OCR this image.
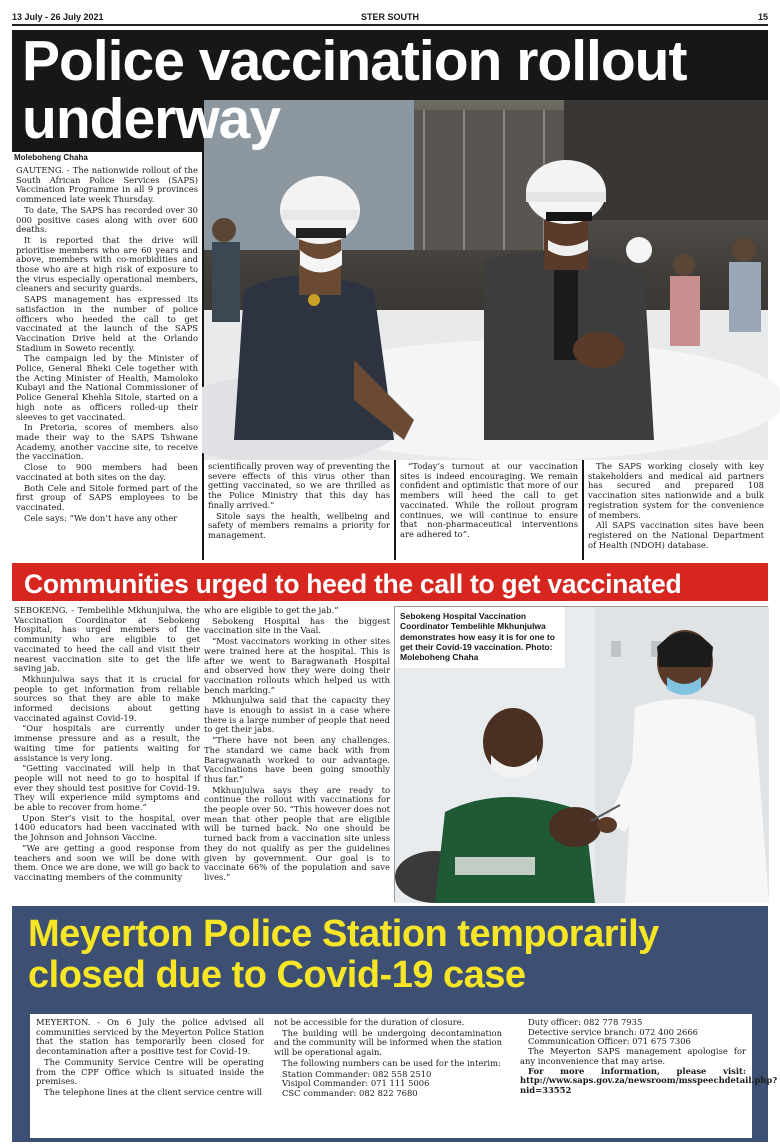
13 July - 26 July 2021	STER SOUTH	15
Police vaccination rollout underway
Moleboheng Chaha

GAUTENG. - The nationwide rollout of the South African Police Services (SAPS) Vaccination Programme in all 9 provinces commenced late week Thursday.

To date, The SAPS has recorded over 30 000 positive cases along with over 600 deaths.

It is reported that the drive will prioritise members who are 60 years and above, members with co-morbidities and those who are at high risk of exposure to the virus especially operational members, cleaners and security guards.

SAPS management has expressed its satisfaction in the number of police officers who heeded the call to get vaccinated at the launch of the SAPS Vaccination Drive held at the Orlando Stadium in Soweto recently.

The campaign led by the Minister of Police, General Bheki Cele together with the Acting Minister of Health, Mamoloko Kubayi and the National Commissioner of Police General Khehla Sitole, started on a high note as officers rolled-up their sleeves to get vaccinated.

In Pretoria, scores of members also made their way to the SAPS Tshwane Academy, another vaccine site, to receive the vaccination.

Close to 900 members had been vaccinated at both sites on the day.

Both Cele and Sitole formed part of the first group of SAPS employees to be vaccinated.

Cele says: “We don’t have any other

scientifically proven way of preventing the severe effects of this virus other than getting vaccinated, so we are thrilled as the Police Ministry that this day has finally arrived.”

Sitole says the health, wellbeing and safety of members remains a priority for management.

“Today’s turnout at our vaccination sites is indeed encouraging. We remain confident and optimistic that more of our members will heed the call to get vaccinated. While the rollout program continues, we will continue to ensure that non-pharmaceutical interventions are adhered to”.

The SAPS working closely with key stakeholders and medical aid partners has secured and prepared 108 vaccination sites nationwide and a bulk registration system for the convenience of members.

All SAPS vaccination sites have been registered on the National Department of Health (NDOH) database.

Communities urged to heed the call to get vaccinated

SEBOKENG. - Tembelihle Mkhunjulwa, the Vaccination Coordinator at Sebokeng Hospital, has urged members of the community who are eligible to get vaccinated to heed the call and visit their nearest vaccination site to get the life saving jab.

Mkhunjulwa says that it is crucial for people to get information from reliable sources so that they are able to make informed decisions about getting vaccinated against Covid-19.

“Our hospitals are currently under immense pressure and as a result, the waiting time for patients waiting for assistance is very long.

“Getting vaccinated will help in that people will not need to go to hospital if ever they should test positive for Covid-19. They will experience mild symptoms and be able to recover from home.”

Upon Ster’s visit to the hospital, over 1400 educators had been vaccinated with the Johnson and Johnson Vaccine.

“We are getting a good response from teachers and soon we will be done with them. Once we are done, we will go back to vaccinating members of the community

who are eligible to get the jab.”

Sebokeng Hospital has the biggest vaccination site in the Vaal.

“Most vaccinators working in other sites were trained here at the hospital. This is after we went to Baragwanath Hospital and observed how they were doing their vaccination rollouts which helped us with bench marking.”

Mkhunjulwa said that the capacity they have is enough to assist in a case where there is a large number of people that need to get their jabs.

“There have not been any challenges. The standard we came back with from Baragwanath worked to our advantage. Vaccinations have been going smoothly thus far.”

Mkhunjulwa says they are ready to continue the rollout with vaccinations for the people over 50. “This however does not mean that other people that are eligible will be turned back. No one should be turned back from a vaccination site unless they do not qualify as per the guidelines given by government. Our goal is to vaccinate 66% of the population and save lives.”

Sebokeng Hospital Vaccination Coordinator Tembelihle Mkhunjulwa demonstrates how easy it is for one to get their Covid-19 vaccination. Photo: Moleboheng Chaha
Meyerton Police Station temporarily closed due to Covid-19 case

MEYERTON. - On 6 July the police advised all communities serviced by the Meyerton Police Station that the station has temporarily been closed for decontamination after a positive test for Covid-19.

The Community Service Centre will be operating from the CPF Office which is situated inside the premises.

The telephone lines at the client service centre will

not be accessible for the duration of closure.

The building will be undergoing decontamination and the community will be informed when the station will be operational again.

The following numbers can be used for the interim:

Station Commander: 082 558 2510
Visipol Commander: 071 111 5006
CSC commander: 082 822 7680
Duty officer: 082 778 7935
Detective service branch: 072 400 2666
Communication Officer: 071 675 7306
The Meyerton SAPS management apologise for any inconvenience that may arise.
For more information, please visit: http://www.saps.gov.za/newsroom/msspeechdetail.php?nid=33552
